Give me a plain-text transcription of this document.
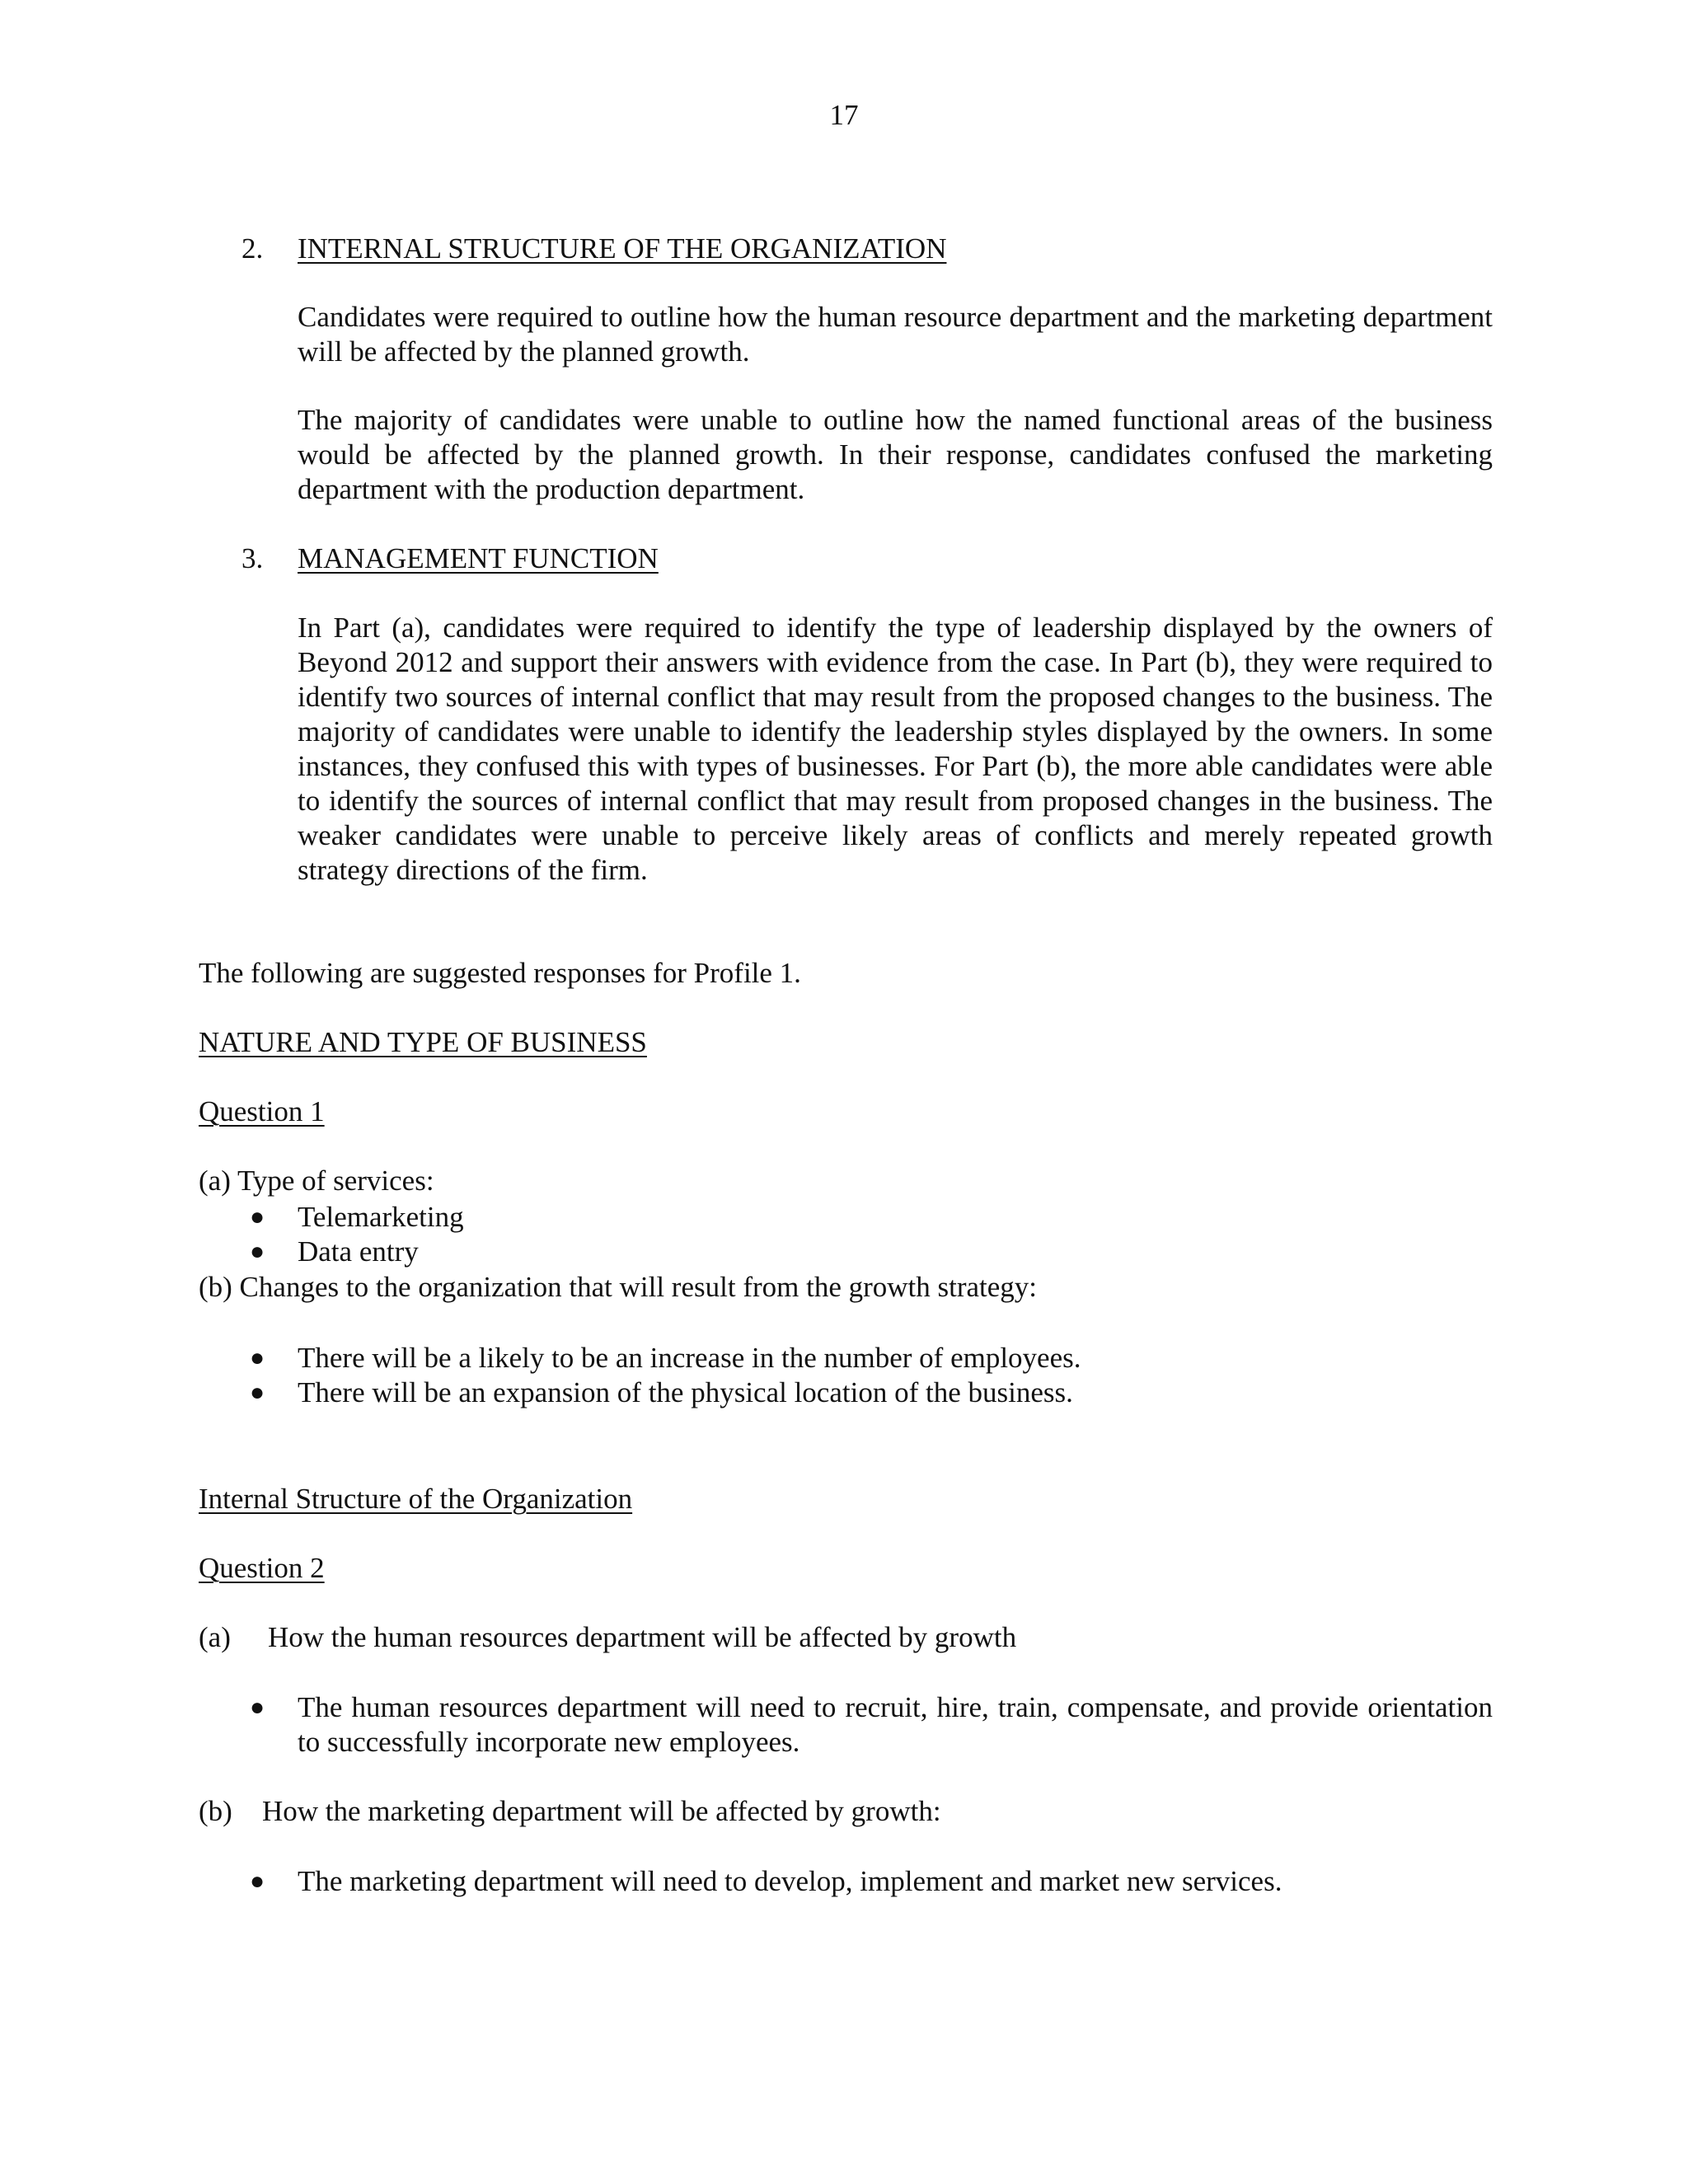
17
2. INTERNAL STRUCTURE OF THE ORGANIZATION
Candidates were required to outline how the human resource department and the marketing department will be affected by the planned growth.
The majority of candidates were unable to outline how the named functional areas of the business would be affected by the planned growth. In their response, candidates confused the marketing department with the production department.
3. MANAGEMENT FUNCTION
In Part (a), candidates were required to identify the type of leadership displayed by the owners of Beyond 2012 and support their answers with evidence from the case. In Part (b), they were required to identify two sources of internal conflict that may result from the proposed changes to the business. The majority of candidates were unable to identify the leadership styles displayed by the owners. In some instances, they confused this with types of businesses. For Part (b), the more able candidates were able to identify the sources of internal conflict that may result from proposed changes in the business. The weaker candidates were unable to perceive likely areas of conflicts and merely repeated growth strategy directions of the firm.
The following are suggested responses for Profile 1.
NATURE AND TYPE OF BUSINESS
Question 1
(a) Type of services:
● Telemarketing
● Data entry
(b) Changes to the organization that will result from the growth strategy:
● There will be a likely to be an increase in the number of employees.
● There will be an expansion of the physical location of the business.
Internal Structure of the Organization
Question 2
(a) How the human resources department will be affected by growth
● The human resources department will need to recruit, hire, train, compensate, and provide orientation to successfully incorporate new employees.
(b) How the marketing department will be affected by growth:
● The marketing department will need to develop, implement and market new services.
